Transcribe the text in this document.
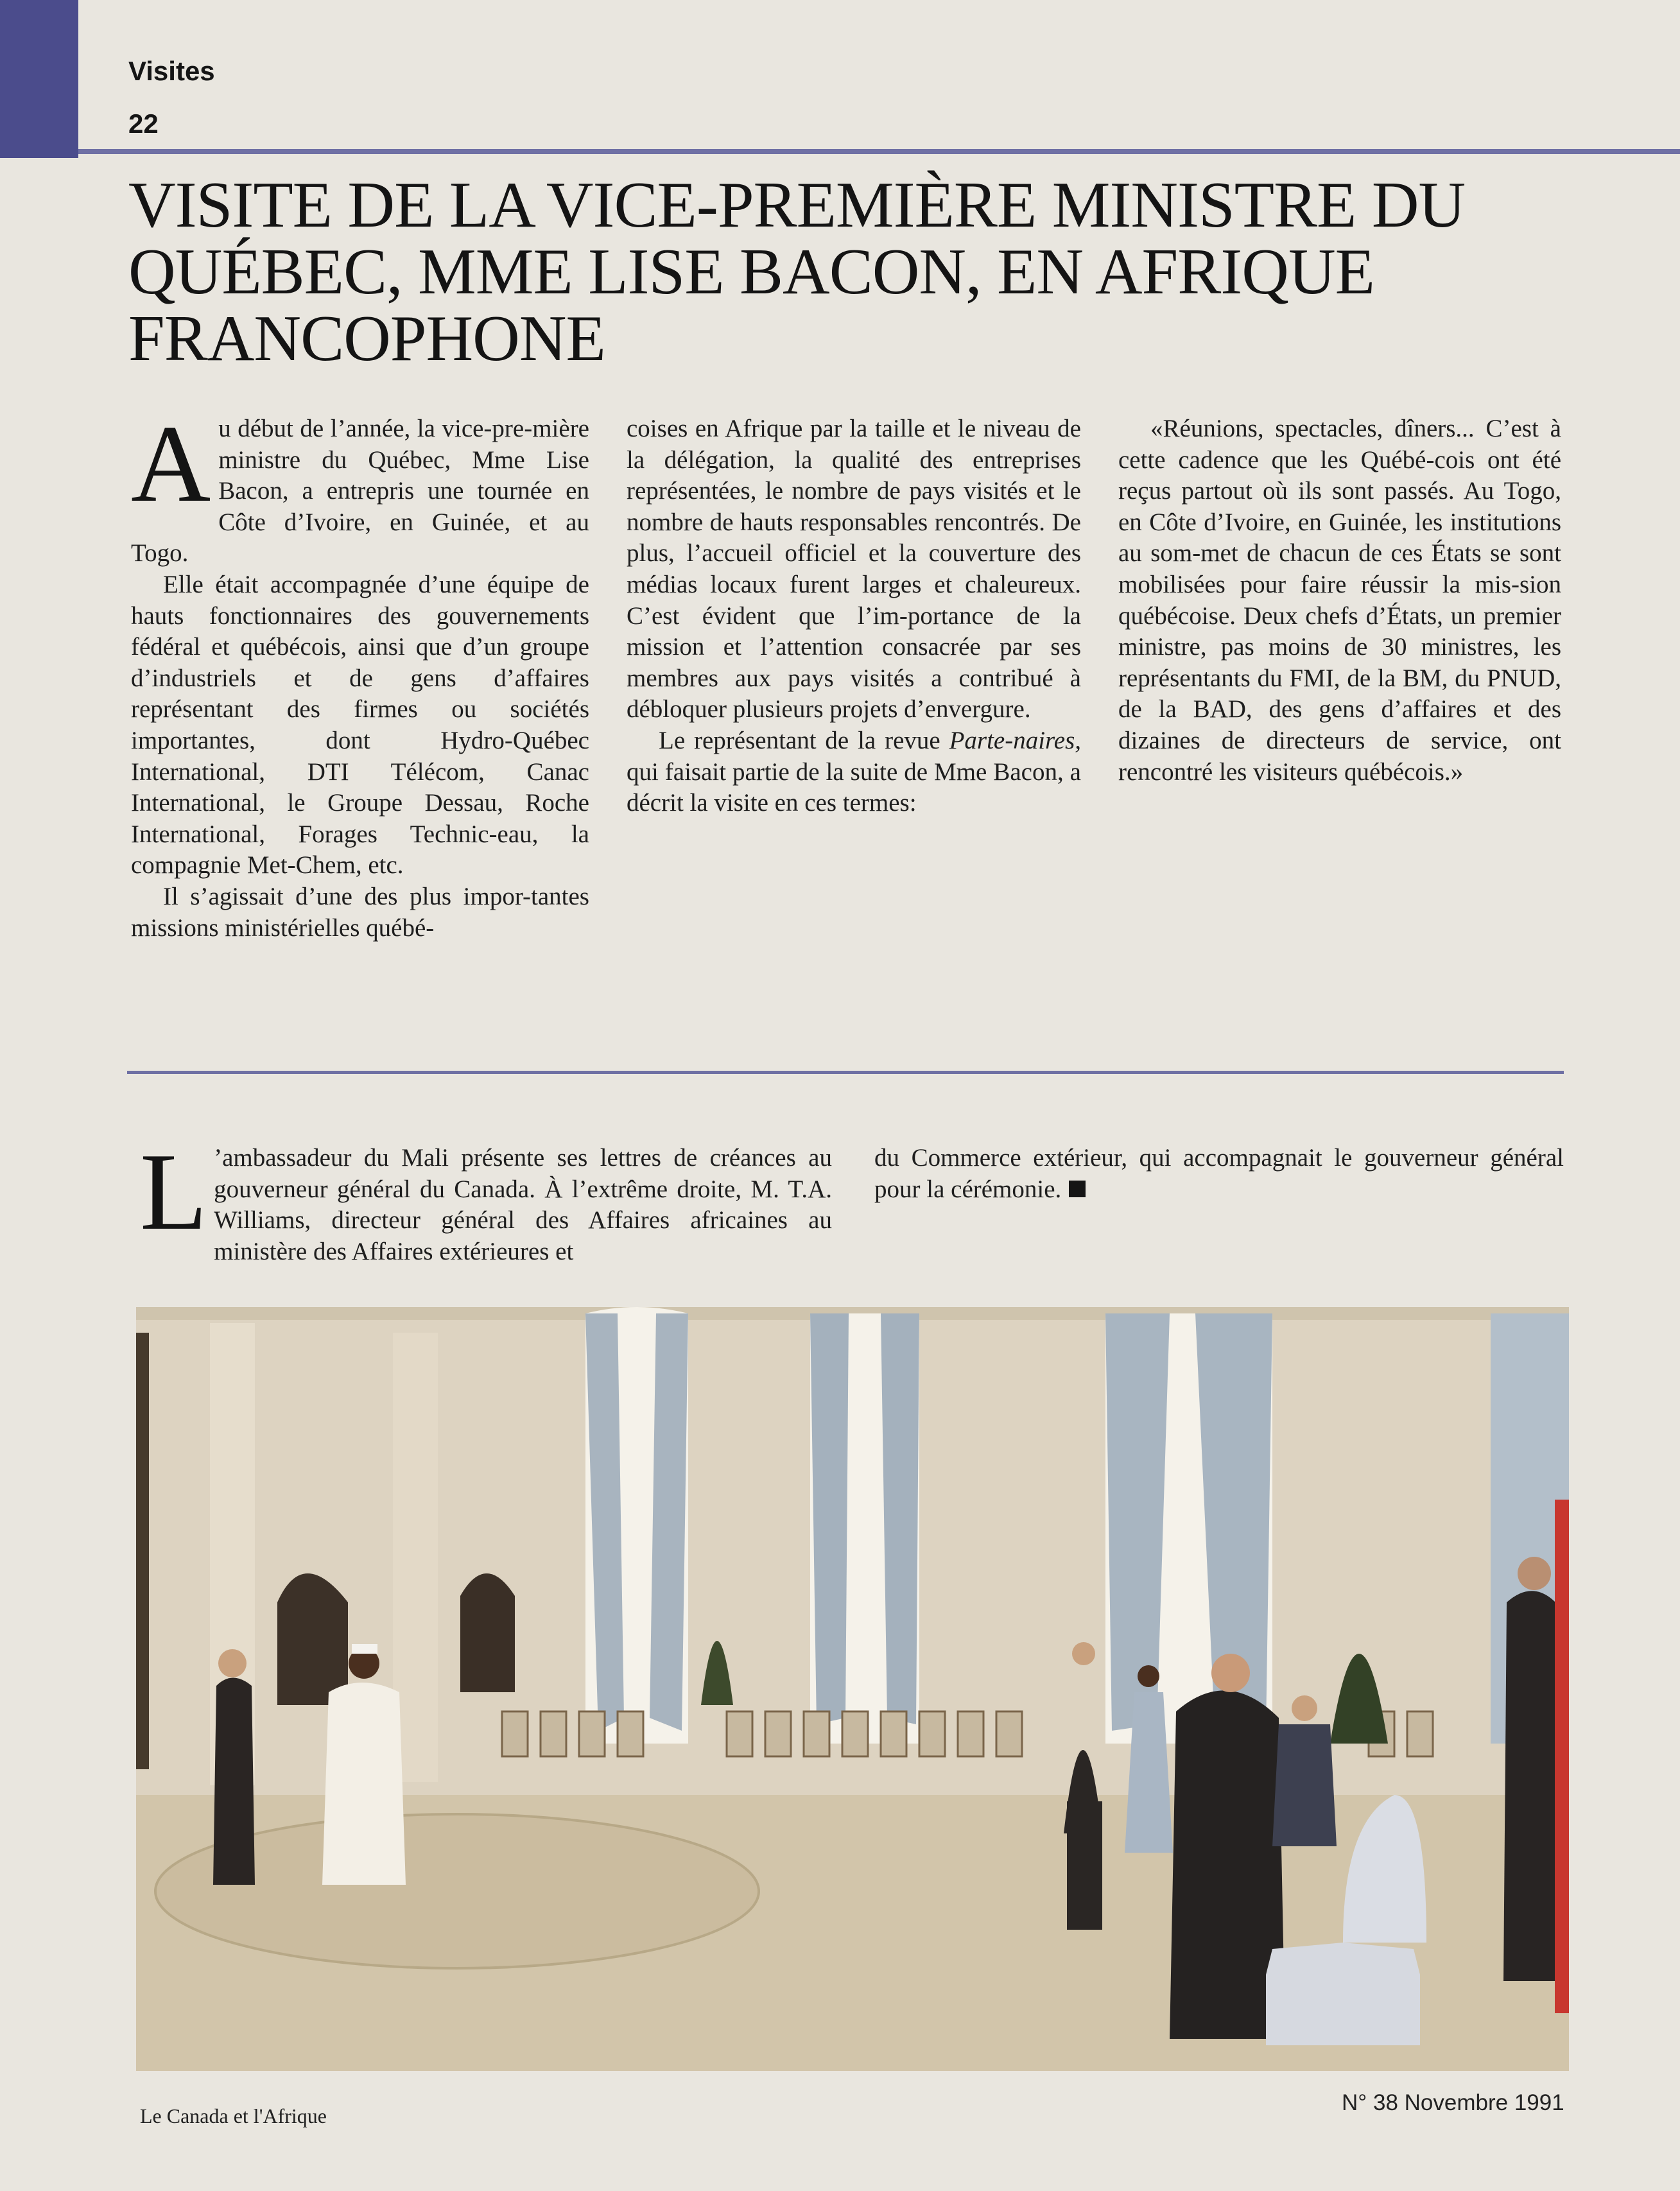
Visites
22
VISITE DE LA VICE-PREMIÈRE MINISTRE DU QUÉBEC, MME LISE BACON, EN AFRIQUE FRANCOPHONE

Au début de l’année, la vice-pre-mière ministre du Québec, Mme Lise Bacon, a entrepris une tournée en Côte d’Ivoire, en Guinée, et au Togo.

Elle était accompagnée d’une équipe de hauts fonctionnaires des gouvernements fédéral et québécois, ainsi que d’un groupe d’industriels et de gens d’affaires représentant des firmes ou sociétés importantes, dont Hydro-Québec International, DTI Télécom, Canac International, le Groupe Dessau, Roche International, Forages Technic-eau, la compagnie Met-Chem, etc.

Il s’agissait d’une des plus impor-tantes missions ministérielles québé-

coises en Afrique par la taille et le niveau de la délégation, la qualité des entreprises représentées, le nombre de pays visités et le nombre de hauts responsables rencontrés. De plus, l’accueil officiel et la couverture des médias locaux furent larges et chaleureux. C’est évident que l’im-portance de la mission et l’attention consacrée par ses membres aux pays visités a contribué à débloquer plusieurs projets d’envergure.

Le représentant de la revue Parte-naires, qui faisait partie de la suite de Mme Bacon, a décrit la visite en ces termes:

«Réunions, spectacles, dîners... C’est à cette cadence que les Québé-cois ont été reçus partout où ils sont passés. Au Togo, en Côte d’Ivoire, en Guinée, les institutions au som-met de chacun de ces États se sont mobilisées pour faire réussir la mis-sion québécoise. Deux chefs d’États, un premier ministre, pas moins de 30 ministres, les représentants du FMI, de la BM, du PNUD, de la BAD, des gens d’affaires et des dizaines de directeurs de service, ont rencontré les visiteurs québécois.»

L ’ambassadeur du Mali présente ses lettres de créances au gouverneur général du Canada. À l’extrême droite, M. T.A. Williams, directeur général des Affaires africaines au ministère des Affaires extérieures et

du Commerce extérieur, qui accompagnait le gouverneur général pour la cérémonie.

Le Canada et l'Afrique
N° 38 Novembre 1991
